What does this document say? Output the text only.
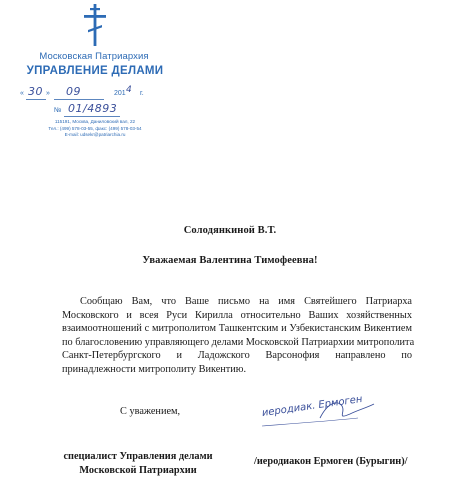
Московская Патриархия
УПРАВЛЕНИЕ ДЕЛАМИ
« 30 » 09	201 4 г.
№ 01/4893
115191, Москва, Даниловский вал, 22
Тел.: (499) 578-03-55, факс: (499) 578-03-54
E-mail: udsekr@patriarchia.ru
Солодянкиной В.Т.
Уважаемая Валентина Тимофеевна!
Сообщаю Вам, что Ваше письмо на имя Святейшего Патриарха
Московского и всея Руси Кирилла относительно Ваших хозяйственных
взаимоотношений с митрополитом Ташкентским и Узбекистанским Викентием
по благословению управляющего делами Московской Патриархии митрополита
Санкт-Петербургского и Ладожского Варсонофия направлено по
принадлежности митрополиту Викентию.
С уважением,	иеродиак. Ермоген
специалист Управления делами
Московской Патриархии
/иеродиакон Ермоген (Бурыгин)/
